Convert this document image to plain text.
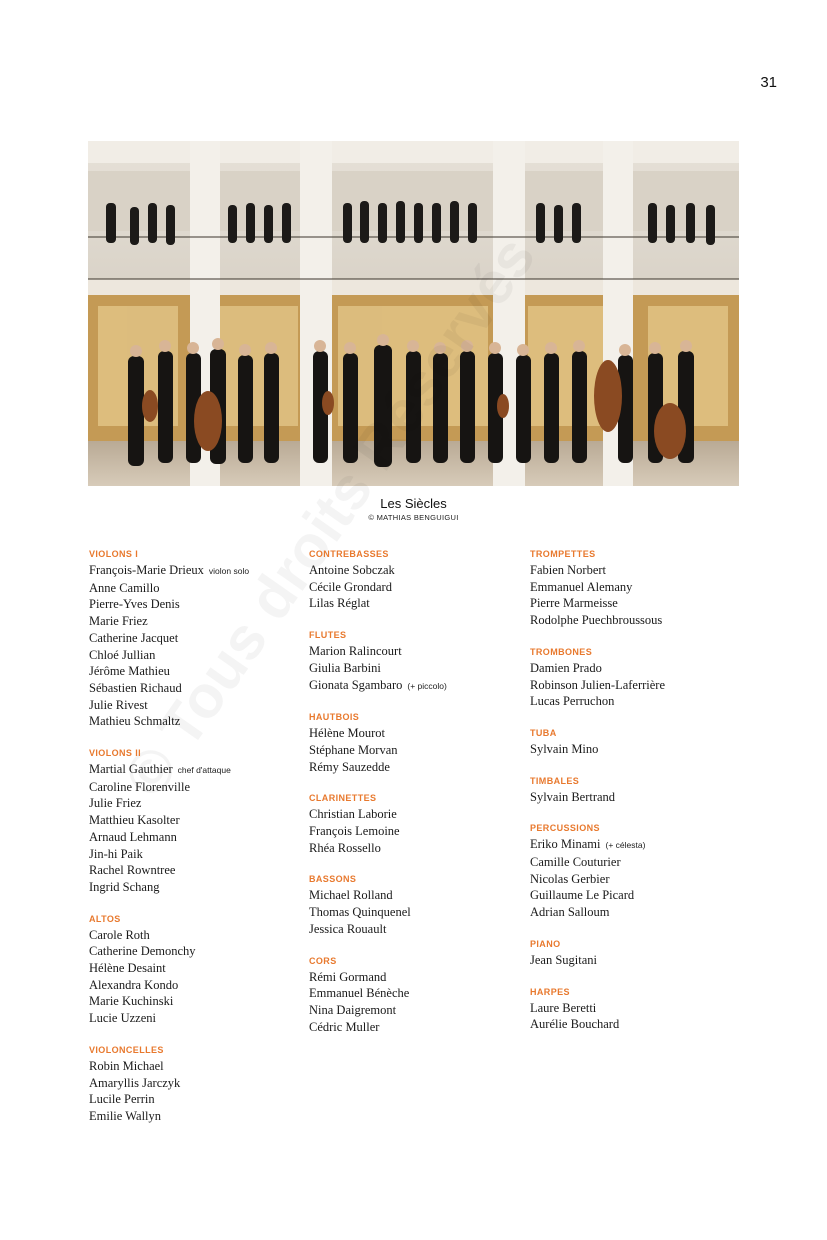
31
Les Siècles
© MATHIAS BENGUIGUI
VIOLONS I
François-Marie Drieux violon solo
Anne Camillo
Pierre-Yves Denis
Marie Friez
Catherine Jacquet
Chloé Jullian
Jérôme Mathieu
Sébastien Richaud
Julie Rivest
Mathieu Schmaltz
VIOLONS II
Martial Gauthier chef d'attaque
Caroline Florenville
Julie Friez
Matthieu Kasolter
Arnaud Lehmann
Jin-hi Paik
Rachel Rowntree
Ingrid Schang
ALTOS
Carole Roth
Catherine Demonchy
Hélène Desaint
Alexandra Kondo
Marie Kuchinski
Lucie Uzzeni
VIOLONCELLES
Robin Michael
Amaryllis Jarczyk
Lucile Perrin
Emilie Wallyn
CONTREBASSES
Antoine Sobczak
Cécile Grondard
Lilas Réglat
FLUTES
Marion Ralincourt
Giulia Barbini
Gionata Sgambaro (+ piccolo)
HAUTBOIS
Hélène Mourot
Stéphane Morvan
Rémy Sauzedde
CLARINETTES
Christian Laborie
François Lemoine
Rhéa Rossello
BASSONS
Michael Rolland
Thomas Quinquenel
Jessica Rouault
CORS
Rémi Gormand
Emmanuel Bénèche
Nina Daigremont
Cédric Muller
TROMPETTES
Fabien Norbert
Emmanuel Alemany
Pierre Marmeisse
Rodolphe Puechbroussous
TROMBONES
Damien Prado
Robinson Julien-Laferrière
Lucas Perruchon
TUBA
Sylvain Mino
TIMBALES
Sylvain Bertrand
PERCUSSIONS
Eriko Minami (+ célesta)
Camille Couturier
Nicolas Gerbier
Guillaume Le Picard
Adrian Salloum
PIANO
Jean Sugitani
HARPES
Laure Beretti
Aurélie Bouchard
